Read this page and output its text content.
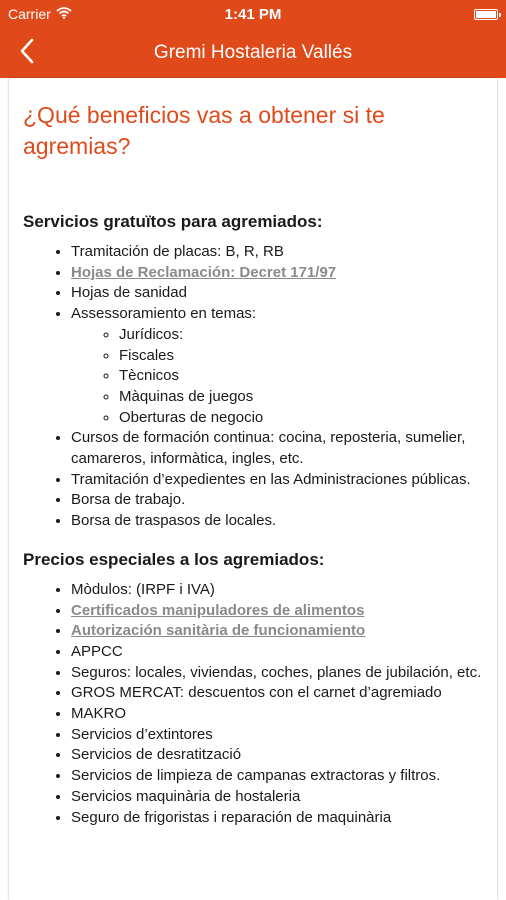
Carrier	1:41 PM
Gremi Hostaleria Vallés
¿Qué beneficios vas a obtener si te agremias?
Servicios gratuïtos para agremiados:
• Tramitación de placas: B, R, RB
• Hojas de Reclamación: Decret 171/97
• Hojas de sanidad
• Assessoramiento en temas:
◦ Jurídicos:
◦ Fiscales
◦ Tècnicos
◦ Màquinas de juegos
◦ Oberturas de negocio
• Cursos de formación continua: cocina, reposteria, sumelier, camareros, informàtica, ingles, etc.
• Tramitación d’expedientes en las Administraciones públicas.
• Borsa de trabajo.
• Borsa de traspasos de locales.
Precios especiales a los agremiados:
• Mòdulos: (IRPF i IVA)
• Certificados manipuladores de alimentos
• Autorización sanitària de funcionamiento
• APPCC
• Seguros: locales, viviendas, coches, planes de jubilación, etc.
• GROS MERCAT: descuentos con el carnet d’agremiado
• MAKRO
• Servicios d’extintores
• Servicios de desratització
• Servicios de limpieza de campanas extractoras y filtros.
• Servicios maquinària de hostaleria
• Seguro de frigoristas i reparación de maquinària
